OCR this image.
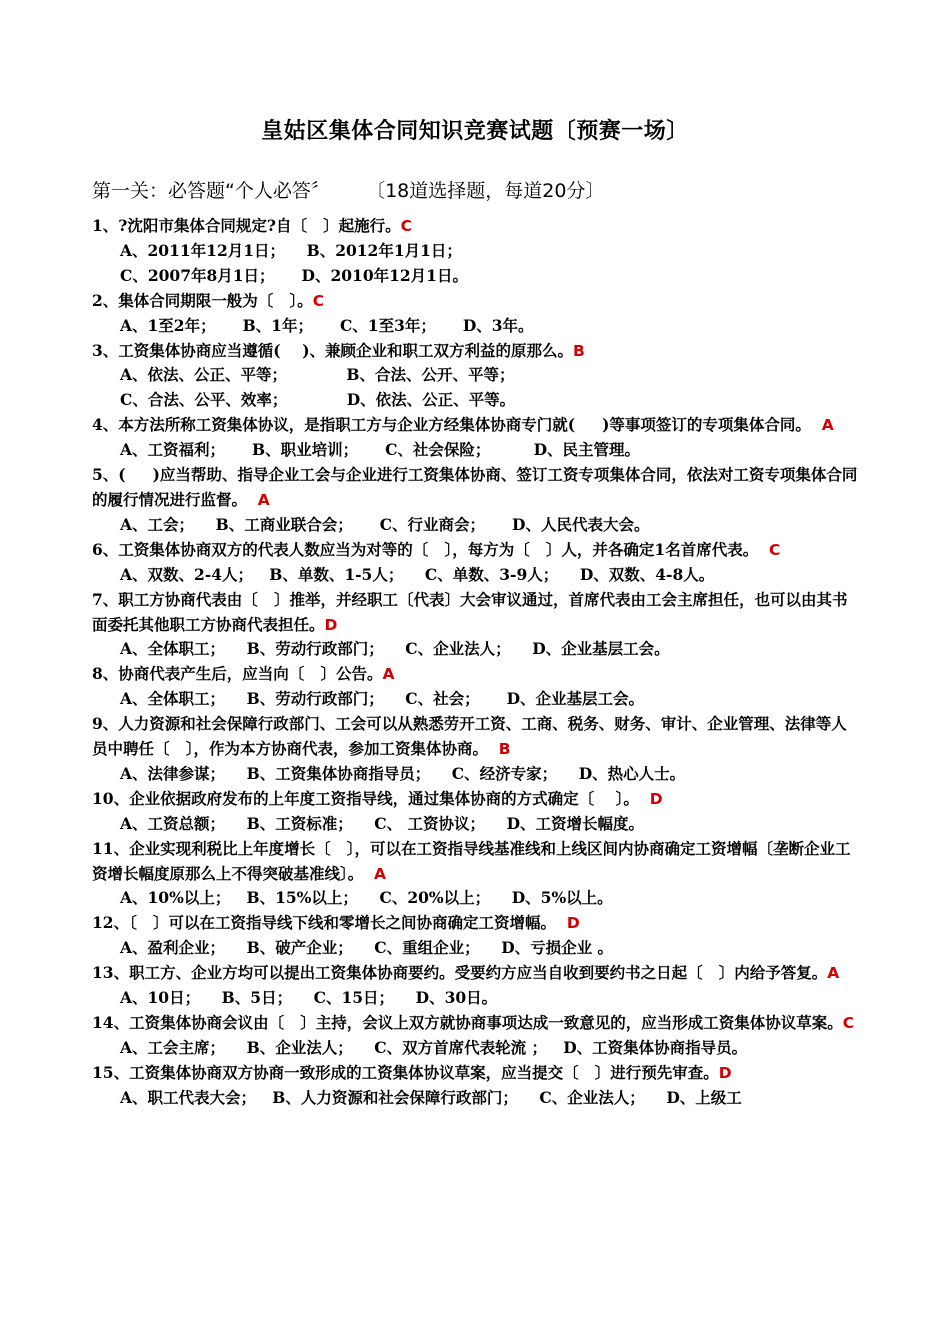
皇姑区集体合同知识竞赛试题〔预赛一场〕
第一关：必答题“个人必答〞      〔18道选择题，每道20分〕
1、?沈阳市集体合同规定?自〔   〕起施行。C
A、2011年12月1日；    B、2012年1月1日；
C、2007年8月1日；     D、2010年12月1日。
2、集体合同期限一般为〔   〕。C
A、1至2年；     B、1年；     C、1至3年；     D、3年。
3、工资集体协商应当遵循(    )、兼顾企业和职工双方利益的原那么。B
A、依法、公正、平等；           B、合法、公开、平等；
C、合法、公平、效率；           D、依法、公正、平等。
4、本方法所称工资集体协议，是指职工方与企业方经集体协商专门就(     )等事项签订的专项集体合同。  A
A、工资福利；     B、职业培训；     C、社会保险；        D、民主管理。
5、(     )应当帮助、指导企业工会与企业进行工资集体协商、签订工资专项集体合同，依法对工资专项集体合同的履行情况进行监督。  A
A、工会；    B、工商业联合会；     C、行业商会；     D、人民代表大会。
6、工资集体协商双方的代表人数应当为对等的〔   〕，每方为〔   〕人，并各确定1名首席代表。  C
A、双数、2-4人；   B、单数、1-5人；    C、单数、3-9人；    D、双数、4-8人。
7、职工方协商代表由〔   〕推举，并经职工〔代表〕大会审议通过，首席代表由工会主席担任，也可以由其书面委托其他职工方协商代表担任。D
A、全体职工；    B、劳动行政部门；    C、企业法人；    D、企业基层工会。
8、协商代表产生后，应当向〔   〕公告。A
A、全体职工；    B、劳动行政部门；    C、社会；     D、企业基层工会。
9、人力资源和社会保障行政部门、工会可以从熟悉劳开工资、工商、税务、财务、审计、企业管理、法律等人员中聘任〔   〕，作为本方协商代表，参加工资集体协商。  B
A、法律参谋；    B、工资集体协商指导员；    C、经济专家；    D、热心人士。
10、企业依据政府发布的上年度工资指导线，通过集体协商的方式确定〔    〕。  D
A、工资总额；    B、工资标准；    C、 工资协议；    D、工资增长幅度。
11、企业实现利税比上年度增长〔   〕，可以在工资指导线基准线和上线区间内协商确定工资增幅〔垄断企业工资增长幅度原那么上不得突破基准线〕。  A
A、10%以上；   B、15%以上；    C、20%以上；    D、5%以上。
12、〔   〕可以在工资指导线下线和零增长之间协商确定工资增幅。  D
A、盈利企业；    B、破产企业；    C、重组企业；    D、亏损企业 。
13、职工方、企业方均可以提出工资集体协商要约。受要约方应当自收到要约书之日起〔   〕内给予答复。A
A、10日；    B、5日；    C、15日；    D、30日。
14、工资集体协商会议由〔   〕主持，会议上双方就协商事项达成一致意见的，应当形成工资集体协议草案。C
A、工会主席；    B、企业法人；    C、双方首席代表轮流 ；   D、工资集体协商指导员。
15、工资集体协商双方协商一致形成的工资集体协议草案，应当提交〔   〕进行预先审查。D
A、职工代表大会；   B、人力资源和社会保障行政部门；    C、企业法人；    D、上级工
